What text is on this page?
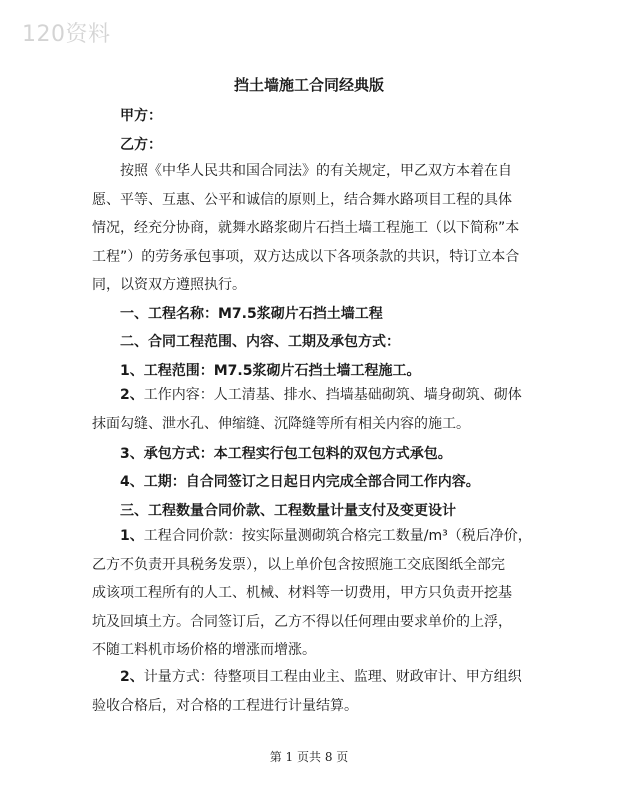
120资料
挡土墙施工合同经典版
甲方：
乙方：
按照《中华人民共和国合同法》的有关规定，甲乙双方本着在自
愿、平等、互惠、公平和诚信的原则上，结合舞水路项目工程的具体
情况，经充分协商，就舞水路浆砌片石挡土墙工程施工（以下简称”本
工程”）的劳务承包事项，双方达成以下各项条款的共识，特订立本合
同，以资双方遵照执行。
一、工程名称：M7.5浆砌片石挡土墙工程
二、合同工程范围、内容、工期及承包方式：
1、工程范围：M7.5浆砌片石挡土墙工程施工。
2、工作内容：人工清基、排水、挡墙基础砌筑、墙身砌筑、砌体
抹面勾缝、泄水孔、伸缩缝、沉降缝等所有相关内容的施工。
3、承包方式：本工程实行包工包料的双包方式承包。
4、工期：自合同签订之日起日内完成全部合同工作内容。
三、工程数量合同价款、工程数量计量支付及变更设计
1、工程合同价款：按实际量测砌筑合格完工数量/m³（税后净价，
乙方不负责开具税务发票），以上单价包含按照施工交底图纸全部完
成该项工程所有的人工、机械、材料等一切费用，甲方只负责开挖基
坑及回填土方。合同签订后，乙方不得以任何理由要求单价的上浮，
不随工料机市场价格的增涨而增涨。
2、计量方式：待整项目工程由业主、监理、财政审计、甲方组织
验收合格后，对合格的工程进行计量结算。
第 1 页共 8 页
